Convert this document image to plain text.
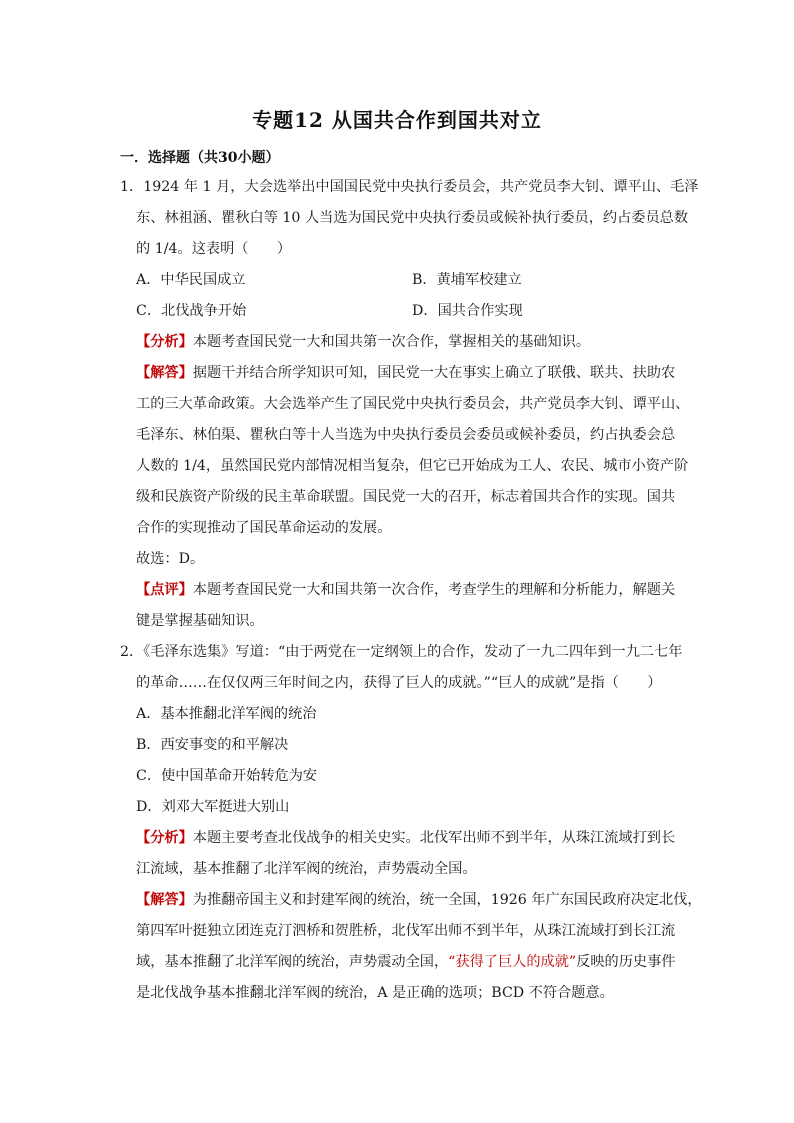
专题12 从国共合作到国共对立
一．选择题（共30小题）
1．1924 年 1 月，大会选举出中国国民党中央执行委员会，共产党员李大钊、谭平山、毛泽
东、林祖涵、瞿秋白等 10 人当选为国民党中央执行委员或候补执行委员，约占委员总数
的 1/4。这表明（　　）
A．中华民国成立	B．黄埔军校建立
C．北伐战争开始	D．国共合作实现
【分析】本题考查国民党一大和国共第一次合作，掌握相关的基础知识。
【解答】据题干并结合所学知识可知，国民党一大在事实上确立了联俄、联共、扶助农
工的三大革命政策。大会选举产生了国民党中央执行委员会，共产党员李大钊、谭平山、
毛泽东、林伯渠、瞿秋白等十人当选为中央执行委员会委员或候补委员，约占执委会总
人数的 1/4，虽然国民党内部情况相当复杂，但它已开始成为工人、农民、城市小资产阶
级和民族资产阶级的民主革命联盟。国民党一大的召开，标志着国共合作的实现。国共
合作的实现推动了国民革命运动的发展。
故选：D。
【点评】本题考查国民党一大和国共第一次合作，考查学生的理解和分析能力，解题关
键是掌握基础知识。
2．《毛泽东选集》写道：“由于两党在一定纲领上的合作，发动了一九二四年到一九二七年
的革命……在仅仅两三年时间之内，获得了巨人的成就。”“巨人的成就”是指（　　）
A．基本推翻北洋军阀的统治
B．西安事变的和平解决
C．使中国革命开始转危为安
D．刘邓大军挺进大别山
【分析】本题主要考查北伐战争的相关史实。北伐军出师不到半年，从珠江流域打到长
江流域，基本推翻了北洋军阀的统治，声势震动全国。
【解答】为推翻帝国主义和封建军阀的统治，统一全国，1926 年广东国民政府决定北伐，
第四军叶挺独立团连克汀泗桥和贺胜桥，北伐军出师不到半年，从珠江流域打到长江流
域，基本推翻了北洋军阀的统治，声势震动全国，“获得了巨人的成就”反映的历史事件
是北伐战争基本推翻北洋军阀的统治，A 是正确的选项；BCD 不符合题意。
